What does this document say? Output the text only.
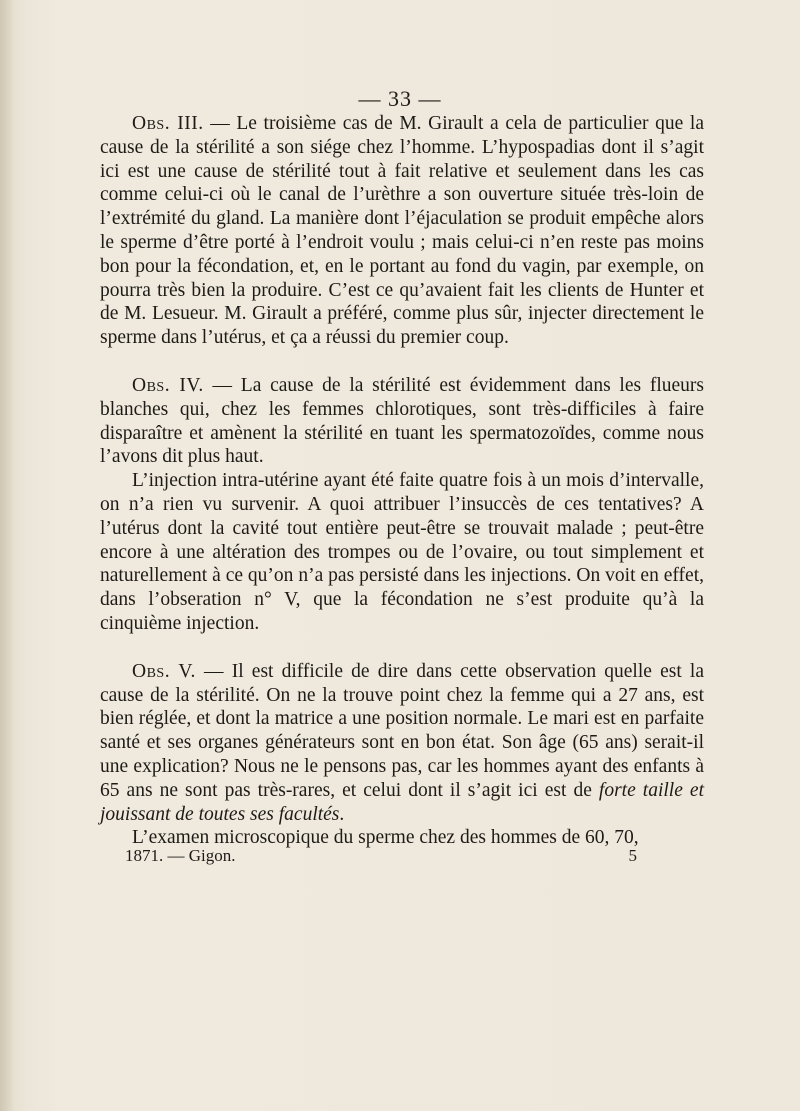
— 33 —

Obs. III. — Le troisième cas de M. Girault a cela de particulier que la cause de la stérilité a son siége chez l’homme. L’hypospadias dont il s’agit ici est une cause de stérilité tout à fait relative et seulement dans les cas comme celui-ci où le canal de l’urèthre a son ouverture située très-loin de l’extrémité du gland. La manière dont l’éjaculation se produit empêche alors le sperme d’être porté à l’endroit voulu ; mais celui-ci n’en reste pas moins bon pour la fécondation, et, en le portant au fond du vagin, par exemple, on pourra très bien la produire. C’est ce qu’avaient fait les clients de Hunter et de M. Lesueur. M. Girault a préféré, comme plus sûr, injecter directement le sperme dans l’utérus, et ça a réussi du premier coup.

Obs. IV. — La cause de la stérilité est évidemment dans les flueurs blanches qui, chez les femmes chlorotiques, sont très-difficiles à faire disparaître et amènent la stérilité en tuant les spermatozoïdes, comme nous l’avons dit plus haut.

L’injection intra-utérine ayant été faite quatre fois à un mois d’intervalle, on n’a rien vu survenir. A quoi attribuer l’insuccès de ces tentatives? A l’utérus dont la cavité tout entière peut-être se trouvait malade ; peut-être encore à une altération des trompes ou de l’ovaire, ou tout simplement et naturellement à ce qu’on n’a pas persisté dans les injections. On voit en effet, dans l’obseration n° V, que la fécondation ne s’est produite qu’à la cinquième injection.

Obs. V. — Il est difficile de dire dans cette observation quelle est la cause de la stérilité. On ne la trouve point chez la femme qui a 27 ans, est bien réglée, et dont la matrice a une position normale. Le mari est en parfaite santé et ses organes générateurs sont en bon état. Son âge (65 ans) serait-il une explication? Nous ne le pensons pas, car les hommes ayant des enfants à 65 ans ne sont pas très-rares, et celui dont il s’agit ici est de forte taille et jouissant de toutes ses facultés.

L’examen microscopique du sperme chez des hommes de 60, 70,

1871. — Gigon.	5
